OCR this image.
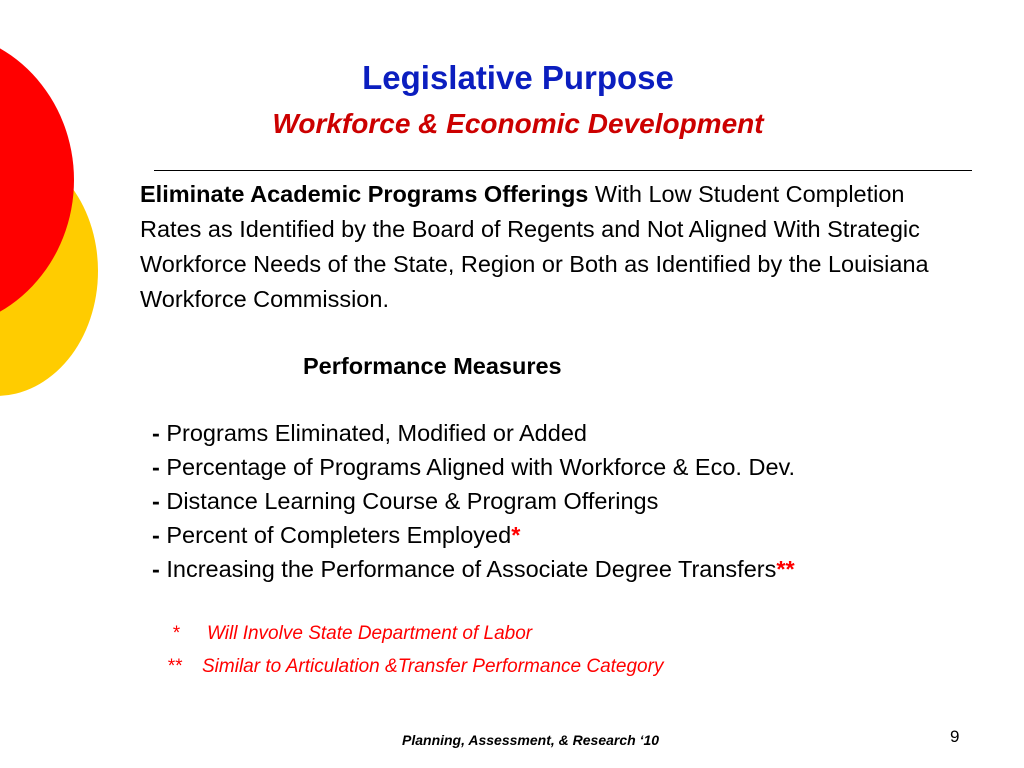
Legislative Purpose
Workforce & Economic Development
Eliminate Academic Programs Offerings With Low Student Completion Rates as Identified by the Board of Regents and Not Aligned With Strategic Workforce Needs of the State, Region or Both as Identified by the Louisiana Workforce Commission.
Performance Measures
- Programs Eliminated, Modified or Added
- Percentage of Programs Aligned with Workforce & Eco. Dev.
- Distance Learning Course & Program Offerings
- Percent of Completers Employed*
- Increasing the Performance of Associate Degree Transfers**
* Will Involve State Department of Labor
** Similar to Articulation &Transfer Performance Category
Planning, Assessment, & Research ‘10	9
